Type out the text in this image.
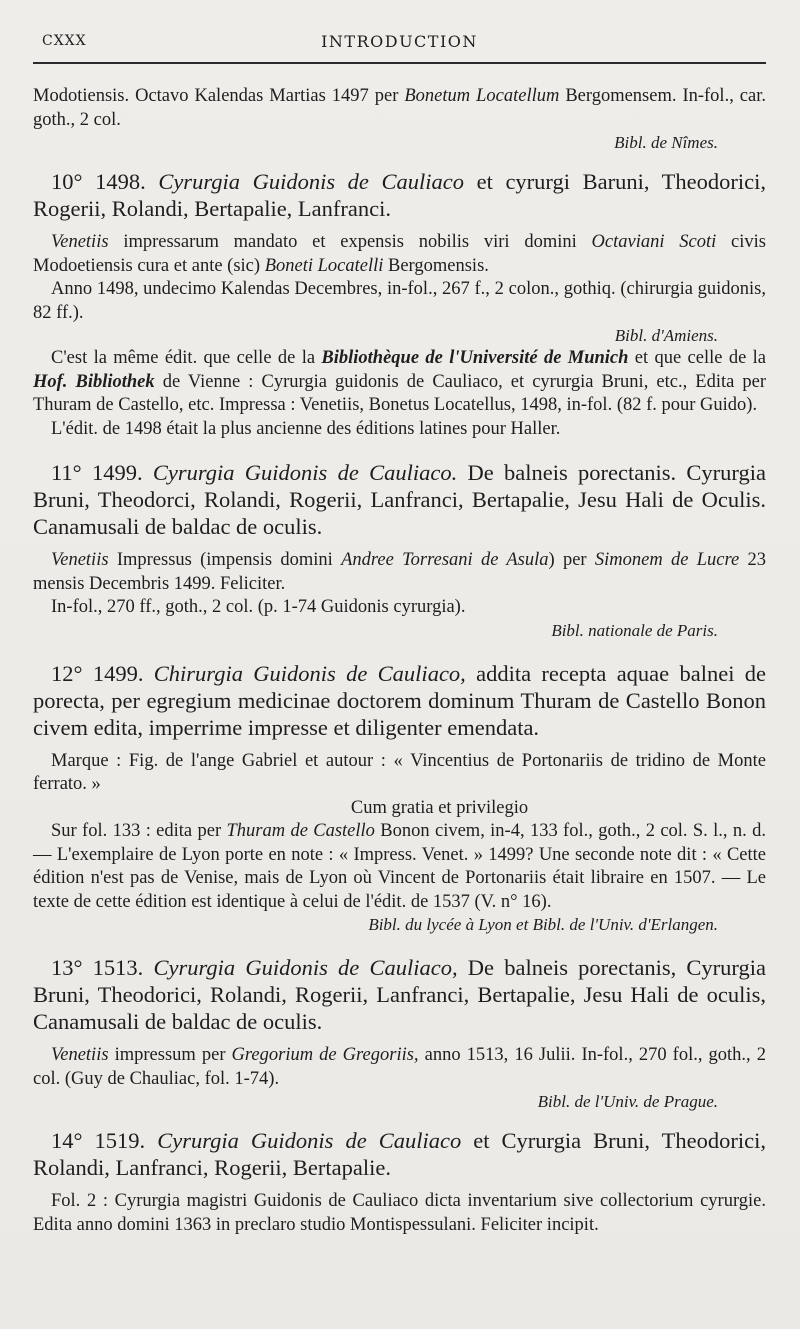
CXXX	INTRODUCTION

Modotiensis. Octavo Kalendas Martias 1497 per Bonetum Locatellum Bergomensem. In-fol., car. goth., 2 col.

Bibl. de Nîmes.

10° 1498. Cyrurgia Guidonis de Cauliaco et cyrurgi Baruni, Theodorici, Rogerii, Rolandi, Bertapalie, Lanfranci.

Venetiis impressarum mandato et expensis nobilis viri domini Octaviani Scoti civis Modoetiensis cura et ante (sic) Boneti Locatelli Bergomensis.

Anno 1498, undecimo Kalendas Decembres, in-fol., 267 f., 2 colon., gothiq. (chirurgia guidonis, 82 ff.).

Bibl. d'Amiens.

C'est la même édit. que celle de la Bibliothèque de l'Université de Munich et que celle de la Hof. Bibliothek de Vienne : Cyrurgia guidonis de Cauliaco, et cyrurgia Bruni, etc., Edita per Thuram de Castello, etc. Impressa : Venetiis, Bonetus Locatellus, 1498, in-fol. (82 f. pour Guido).

L'édit. de 1498 était la plus ancienne des éditions latines pour Haller.

11° 1499. Cyrurgia Guidonis de Cauliaco. De balneis porectanis. Cyrurgia Bruni, Theodorci, Rolandi, Rogerii, Lanfranci, Bertapalie, Jesu Hali de Oculis. Canamusali de baldac de oculis.

Venetiis Impressus (impensis domini Andree Torresani de Asula) per Simonem de Lucre 23 mensis Decembris 1499. Feliciter.

In-fol., 270 ff., goth., 2 col. (p. 1-74 Guidonis cyrurgia).

Bibl. nationale de Paris.

12° 1499. Chirurgia Guidonis de Cauliaco, addita recepta aquae balnei de porecta, per egregium medicinae doctorem dominum Thuram de Castello Bonon civem edita, imperrime impresse et diligenter emendata.

Marque : Fig. de l'ange Gabriel et autour : « Vincentius de Portonariis de tridino de Monte ferrato. »

Cum gratia et privilegio

Sur fol. 133 : edita per Thuram de Castello Bonon civem, in-4, 133 fol., goth., 2 col. S. l., n. d. — L'exemplaire de Lyon porte en note : « Impress. Venet. » 1499? Une seconde note dit : « Cette édition n'est pas de Venise, mais de Lyon où Vincent de Portonariis était libraire en 1507. — Le texte de cette édition est identique à celui de l'édit. de 1537 (V. n° 16).

Bibl. du lycée à Lyon et Bibl. de l'Univ. d'Erlangen.

13° 1513. Cyrurgia Guidonis de Cauliaco, De balneis porectanis, Cyrurgia Bruni, Theodorici, Rolandi, Rogerii, Lanfranci, Bertapalie, Jesu Hali de oculis, Canamusali de baldac de oculis.

Venetiis impressum per Gregorium de Gregoriis, anno 1513, 16 Julii. In-fol., 270 fol., goth., 2 col. (Guy de Chauliac, fol. 1-74).

Bibl. de l'Univ. de Prague.

14° 1519. Cyrurgia Guidonis de Cauliaco et Cyrurgia Bruni, Theodorici, Rolandi, Lanfranci, Rogerii, Bertapalie.

Fol. 2 : Cyrurgia magistri Guidonis de Cauliaco dicta inventarium sive collectorium cyrurgie. Edita anno domini 1363 in preclaro studio Montispessulani. Feliciter incipit.
